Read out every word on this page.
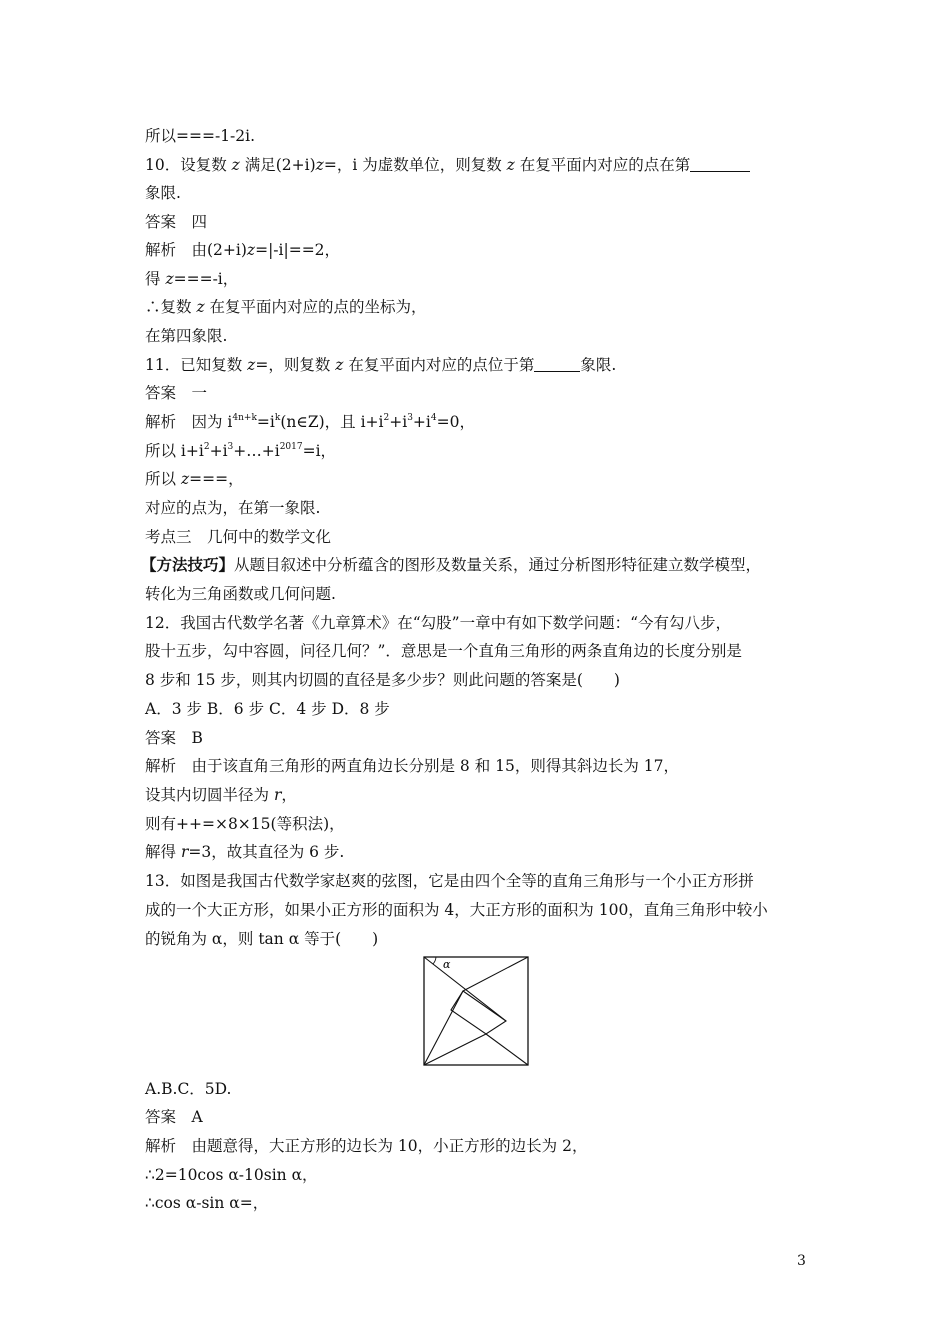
所以===-1-2i.
10．设复数 z 满足(2+i)z=，i 为虚数单位，则复数 z 在复平面内对应的点在第
象限.
答案　四
解析　由(2+i)z=|-i|==2，
得 z===-i，
∴复数 z 在复平面内对应的点的坐标为，
在第四象限.
11．已知复数 z=，则复数 z 在复平面内对应的点位于第	象限.
答案　一
解析　因为 $i^{4n+k}=i^k(n\in Z)$，且 $i+i^2+i^3+i^4=0$，
所以 $i+i^2+i^3+\dots+i^{2017}=i$，
所以 z===，
对应的点为，在第一象限.
考点三　几何中的数学文化
【方法技巧】从题目叙述中分析蕴含的图形及数量关系，通过分析图形特征建立数学模型，
转化为三角函数或几何问题.
12．我国古代数学名著《九章算术》在“勾股”一章中有如下数学问题：“今有勾八步，
股十五步，勾中容圆，问径几何？”．意思是一个直角三角形的两条直角边的长度分别是
8 步和 15 步，则其内切圆的直径是多少步？则此问题的答案是(　　)
A．3 步 B．6 步 C．4 步 D．8 步
答案　B
解析　由于该直角三角形的两直角边长分别是 8 和 15，则得其斜边长为 17，
设其内切圆半径为 r，
则有++=×8×15(等积法)，
解得 r=3，故其直径为 6 步.
13．如图是我国古代数学家赵爽的弦图，它是由四个全等的直角三角形与一个小正方形拼
成的一个大正方形，如果小正方形的面积为 4，大正方形的面积为 100，直角三角形中较小
的锐角为 α，则 tan α 等于(　　)
α
A.B.C．5D.
答案　A
解析　由题意得，大正方形的边长为 10，小正方形的边长为 2，
∴2=10cos α-10sin α，
∴cos α-sin α=，
3
